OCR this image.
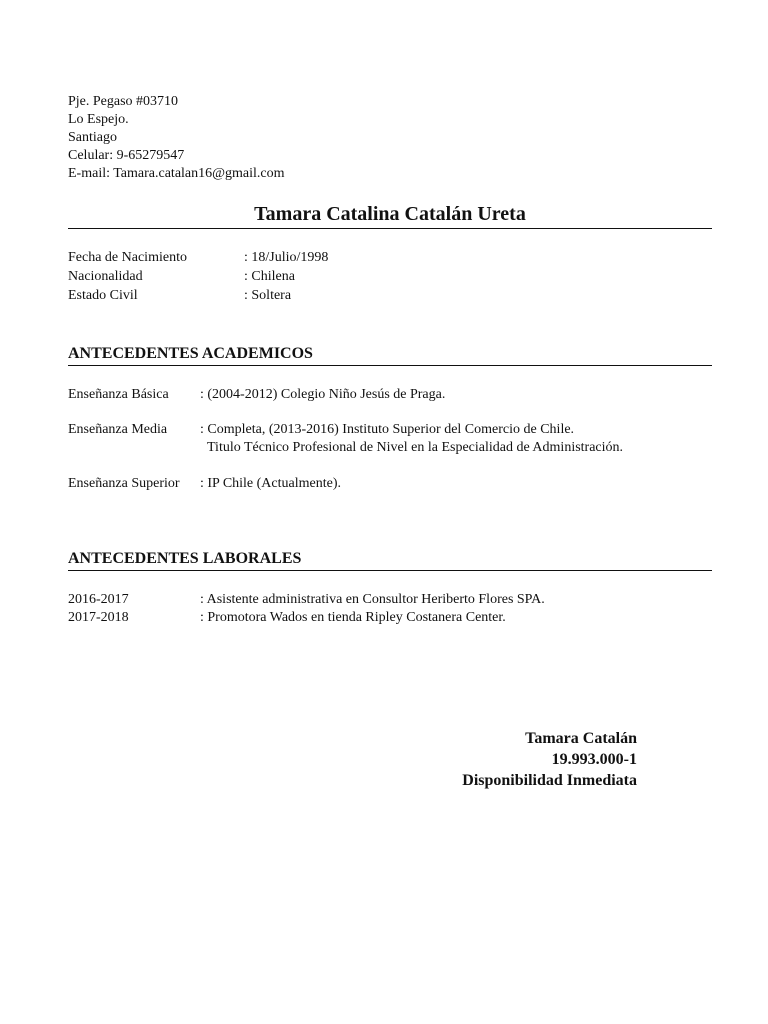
Pje. Pegaso #03710
Lo Espejo.
Santiago
Celular: 9-65279547
E-mail: Tamara.catalan16@gmail.com
Tamara Catalina Catalán Ureta
Fecha de Nacimiento	: 18/Julio/1998
Nacionalidad	: Chilena
Estado Civil	: Soltera
ANTECEDENTES ACADEMICOS
Enseñanza Básica : (2004-2012) Colegio Niño Jesús de Praga.
Enseñanza Media : Completa, (2013-2016) Instituto Superior del Comercio de Chile.
Titulo Técnico Profesional de Nivel en la Especialidad de Administración.
Enseñanza Superior : IP Chile (Actualmente).
ANTECEDENTES LABORALES
2016-2017	: Asistente administrativa en Consultor Heriberto Flores SPA.
2017-2018	: Promotora Wados en tienda Ripley Costanera Center.
Tamara Catalán
19.993.000-1
Disponibilidad Inmediata
